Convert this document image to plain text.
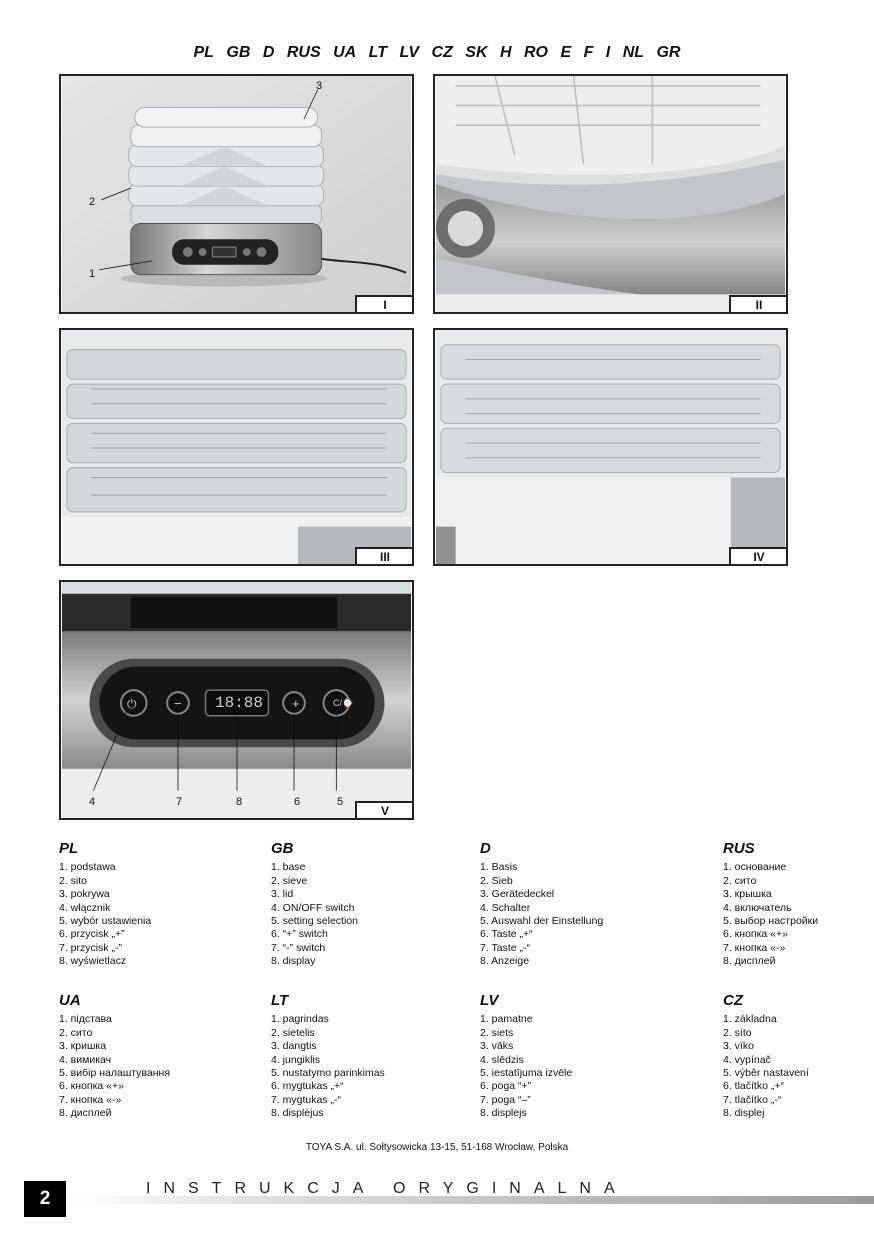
PL GB D RUS UA LT LV CZ SK H RO E F I NL GR
1
2
3
I	II
III	IV
18:88
⏻	−	+	C/⌚
4	7	8	6	5
V
PL
1. podstawa
2. sito
3. pokrywa
4. włącznik
5. wybór ustawienia
6. przycisk „+”
7. przycisk „-”
8. wyświetlacz
GB
1. base
2. sieve
3. lid
4. ON/OFF switch
5. setting selection
6. “+” switch
7. “-” switch
8. display
D
1. Basis
2. Sieb
3. Gerätedeckel
4. Schalter
5. Auswahl der Einstellung
6. Taste „+“
7. Taste „-“
8. Anzeige
RUS
1. основание
2. сито
3. крышка
4. включатель
5. выбор настройки
6. кнопка «+»
7. кнопка «-»
8. дисплей
UA
1. підстава
2. сито
3. кришка
4. вимикач
5. вибір налаштування
6. кнопка «+»
7. кнопка «-»
8. дисплей
LT
1. pagrindas
2. sietelis
3. dangtis
4. jungiklis
5. nustatymo parinkimas
6. mygtukas „+“
7. mygtukas „-“
8. displėjus
LV
1. pamatne
2. siets
3. vāks
4. slēdzis
5. iestatījuma izvēle
6. poga “+”
7. poga “–”
8. displejs
CZ
1. základna
2. síto
3. víko
4. vypínač
5. výběr nastavení
6. tlačítko „+“
7. tlačítko „-“
8. displej
TOYA S.A. ul. Sołtysowicka 13-15, 51-168 Wrocław, Polska
2	INSTRUKCJA ORYGINALNA
